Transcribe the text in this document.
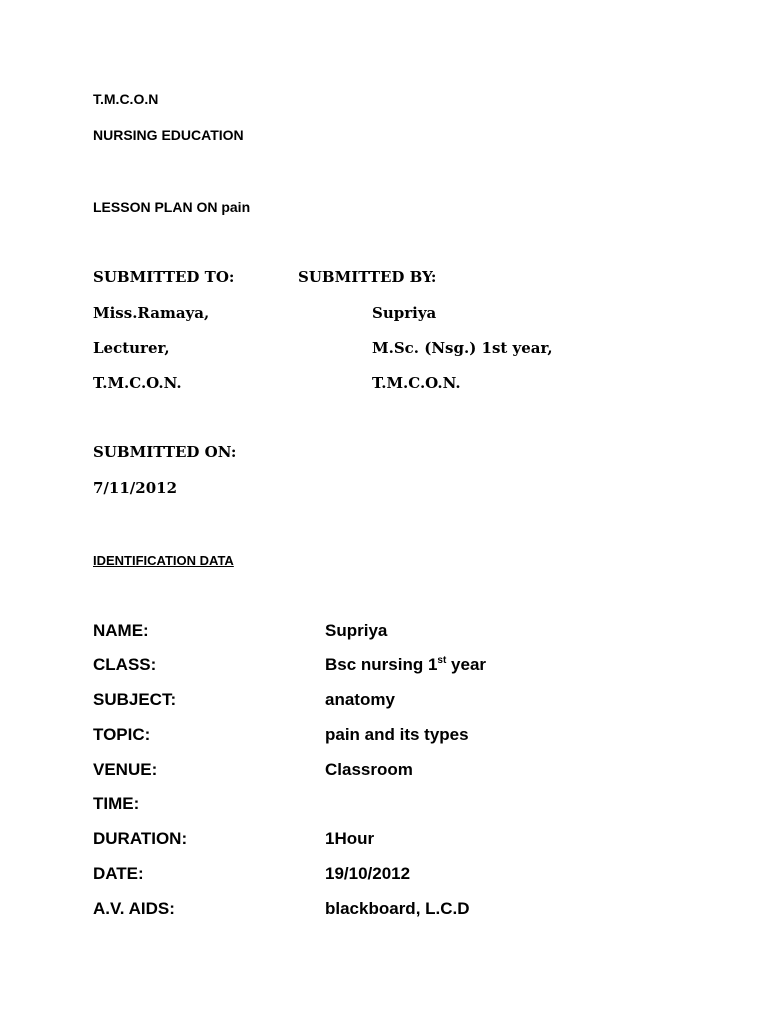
T.M.C.O.N
NURSING EDUCATION
LESSON PLAN ON pain
SUBMITTED TO:	SUBMITTED BY:
Miss.Ramaya,	Supriya
Lecturer,	M.Sc. (Nsg.) 1st year,
T.M.C.O.N.	T.M.C.O.N.
SUBMITTED ON:
7/11/2012
IDENTIFICATION DATA
NAME:	Supriya
CLASS:	Bsc nursing 1st year
SUBJECT:	anatomy
TOPIC:	pain and its types
VENUE:	Classroom
TIME:
DURATION:	1Hour
DATE:	19/10/2012
A.V. AIDS:	blackboard, L.C.D
